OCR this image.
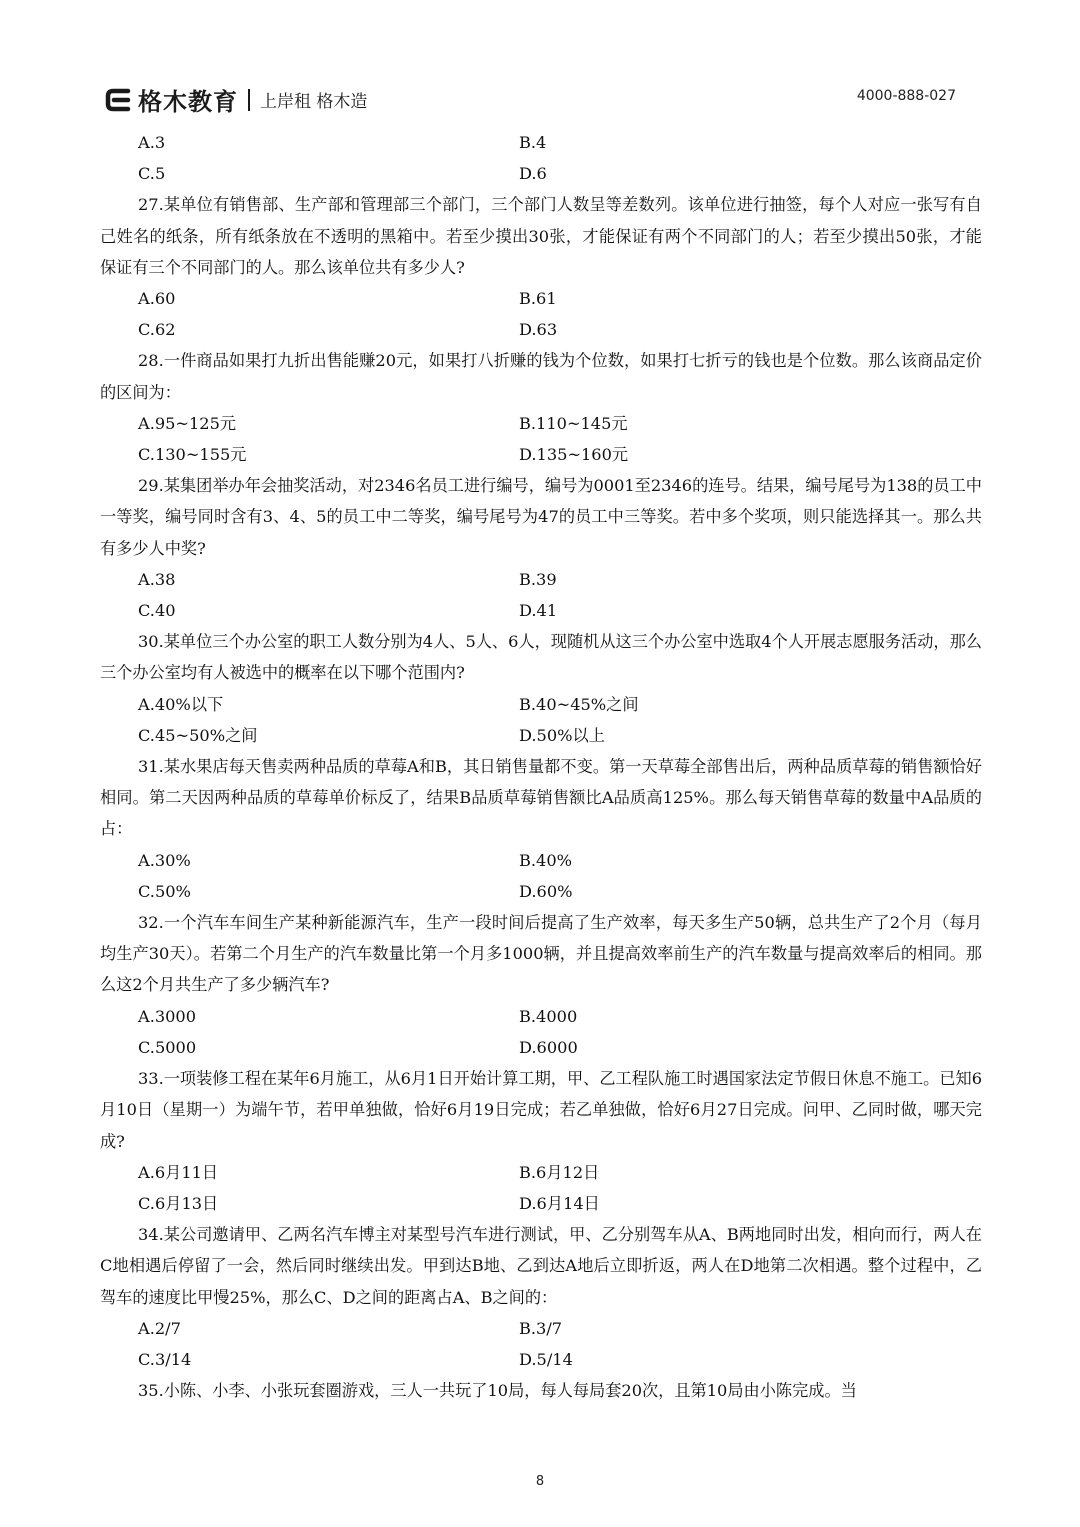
格木教育 上岸租 格木造	4000-888-027
A.3	B.4
C.5	D.6

27.某单位有销售部、生产部和管理部三个部门，三个部门人数呈等差数列。该单位进行抽签，每个人对应一张写有自己姓名的纸条，所有纸条放在不透明的黑箱中。若至少摸出30张，才能保证有两个不同部门的人；若至少摸出50张，才能保证有三个不同部门的人。那么该单位共有多少人?

A.60	B.61
C.62	D.63

28.一件商品如果打九折出售能赚20元，如果打八折赚的钱为个位数，如果打七折亏的钱也是个位数。那么该商品定价的区间为：

A.95~125元	B.110~145元
C.130~155元	D.135~160元

29.某集团举办年会抽奖活动，对2346名员工进行编号，编号为0001至2346的连号。结果，编号尾号为138的员工中一等奖，编号同时含有3、4、5的员工中二等奖，编号尾号为47的员工中三等奖。若中多个奖项，则只能选择其一。那么共有多少人中奖?

A.38	B.39
C.40	D.41

30.某单位三个办公室的职工人数分别为4人、5人、6人，现随机从这三个办公室中选取4个人开展志愿服务活动，那么三个办公室均有人被选中的概率在以下哪个范围内?

A.40%以下	B.40~45%之间
C.45~50%之间	D.50%以上

31.某水果店每天售卖两种品质的草莓A和B，其日销售量都不变。第一天草莓全部售出后，两种品质草莓的销售额恰好相同。第二天因两种品质的草莓单价标反了，结果B品质草莓销售额比A品质高125%。那么每天销售草莓的数量中A品质的占：

A.30%	B.40%
C.50%	D.60%

32.一个汽车车间生产某种新能源汽车，生产一段时间后提高了生产效率，每天多生产50辆，总共生产了2个月（每月均生产30天）。若第二个月生产的汽车数量比第一个月多1000辆，并且提高效率前生产的汽车数量与提高效率后的相同。那么这2个月共生产了多少辆汽车?

A.3000	B.4000
C.5000	D.6000

33.一项装修工程在某年6月施工，从6月1日开始计算工期，甲、乙工程队施工时遇国家法定节假日休息不施工。已知6月10日（星期一）为端午节，若甲单独做，恰好6月19日完成；若乙单独做，恰好6月27日完成。问甲、乙同时做，哪天完成?

A.6月11日	B.6月12日
C.6月13日	D.6月14日

34.某公司邀请甲、乙两名汽车博主对某型号汽车进行测试，甲、乙分别驾车从A、B两地同时出发，相向而行，两人在C地相遇后停留了一会，然后同时继续出发。甲到达B地、乙到达A地后立即折返，两人在D地第二次相遇。整个过程中，乙驾车的速度比甲慢25%，那么C、D之间的距离占A、B之间的：

A.2/7	B.3/7
C.3/14	D.5/14

35.小陈、小李、小张玩套圈游戏，三人一共玩了10局，每人每局套20次，且第10局由小陈完成。当

8
